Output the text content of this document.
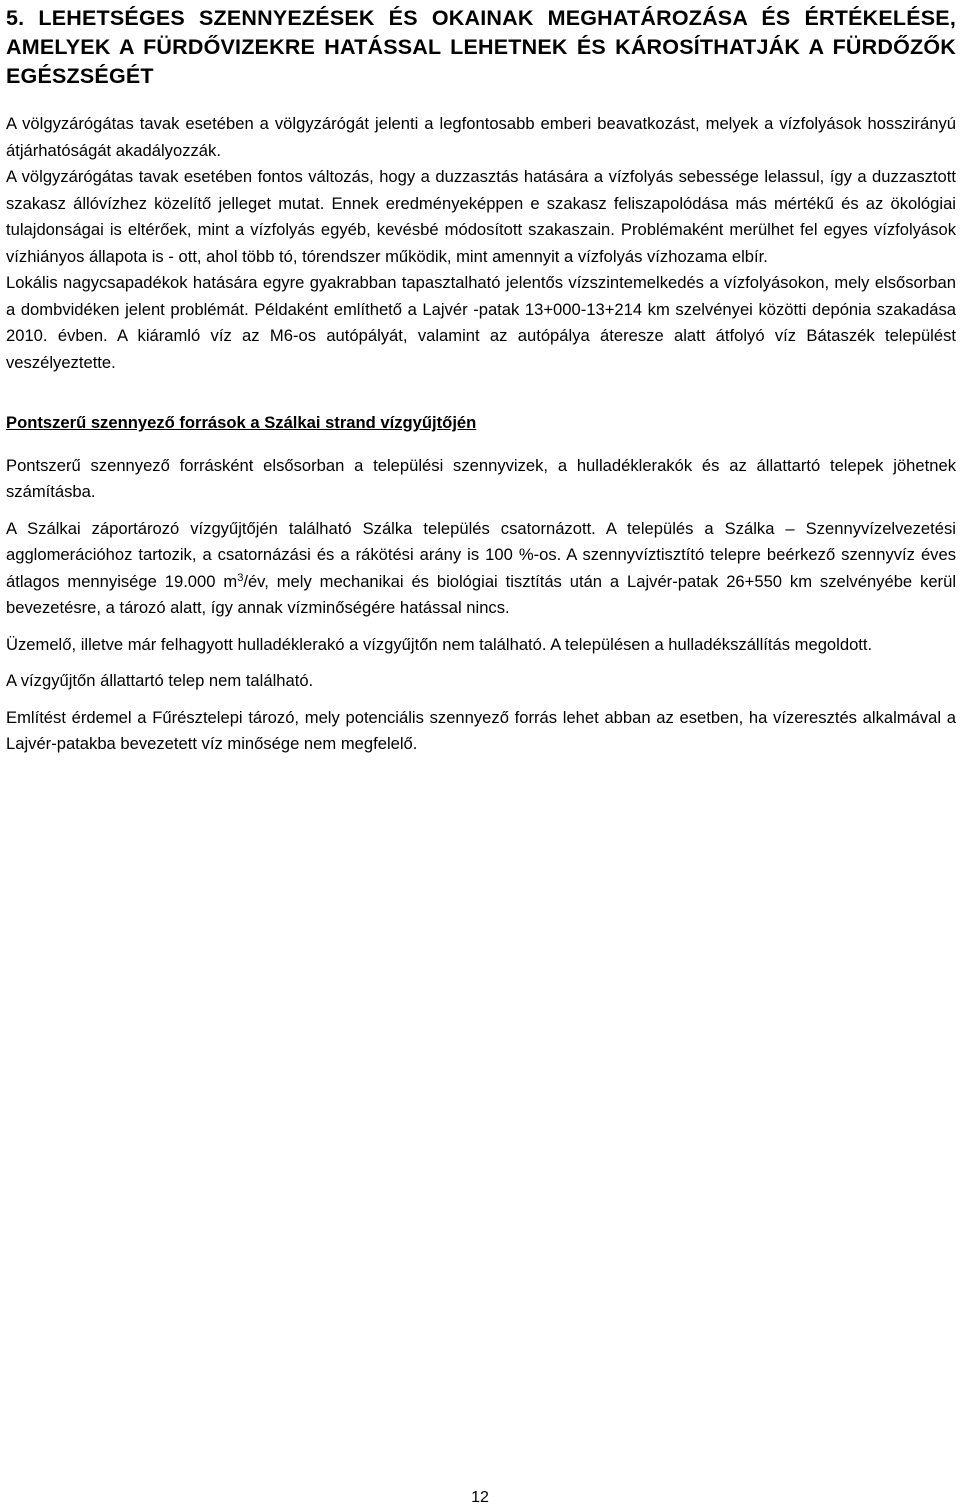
5. LEHETSÉGES SZENNYEZÉSEK ÉS OKAINAK MEGHATÁROZÁSA ÉS ÉRTÉKELÉSE, AMELYEK A FÜRDŐVIZEKRE HATÁSSAL LEHETNEK ÉS KÁROSÍTHATJÁK A FÜRDŐZŐK EGÉSZSÉGÉT

A völgyzárógátas tavak esetében a völgyzárógát jelenti a legfontosabb emberi beavatkozást, melyek a vízfolyások hosszirányú átjárhatóságát akadályozzák.

A völgyzárógátas tavak esetében fontos változás, hogy a duzzasztás hatására a vízfolyás sebessége lelassul, így a duzzasztott szakasz állóvízhez közelítő jelleget mutat. Ennek eredményeképpen e szakasz feliszapolódása más mértékű és az ökológiai tulajdonságai is eltérőek, mint a vízfolyás egyéb, kevésbé módosított szakaszain. Problémaként merülhet fel egyes vízfolyások vízhiányos állapota is - ott, ahol több tó, tórendszer működik, mint amennyit a vízfolyás vízhozama elbír.

Lokális nagycsapadékok hatására egyre gyakrabban tapasztalható jelentős vízszintemelkedés a vízfolyásokon, mely elsősorban a dombvidéken jelent problémát. Példaként említhető a Lajvér -patak 13+000-13+214 km szelvényei közötti depónia szakadása 2010. évben. A kiáramló víz az M6-os autópályát, valamint az autópálya áteresze alatt átfolyó víz Bátaszék települést veszélyeztette.

Pontszerű szennyező források a Szálkai strand vízgyűjtőjén

Pontszerű szennyező forrásként elsősorban a települési szennyvizek, a hulladéklerakók és az állattartó telepek jöhetnek számításba.

A Szálkai záportározó vízgyűjtőjén található Szálka település csatornázott. A település a Szálka – Szennyvízelvezetési agglomerációhoz tartozik, a csatornázási és a rákötési arány is 100 %-os. A szennyvíztisztító telepre beérkező szennyvíz éves átlagos mennyisége 19.000 $m^3/év$, mely mechanikai és biológiai tisztítás után a Lajvér-patak 26+550 km szelvényébe kerül bevezetésre, a tározó alatt, így annak vízminőségére hatással nincs.

Üzemelő, illetve már felhagyott hulladéklerakó a vízgyűjtőn nem található. A településen a hulladékszállítás megoldott.

A vízgyűjtőn állattartó telep nem található.

Említést érdemel a Fűrésztelepi tározó, mely potenciális szennyező forrás lehet abban az esetben, ha vízeresztés alkalmával a Lajvér-patakba bevezetett víz minősége nem megfelelő.

12
